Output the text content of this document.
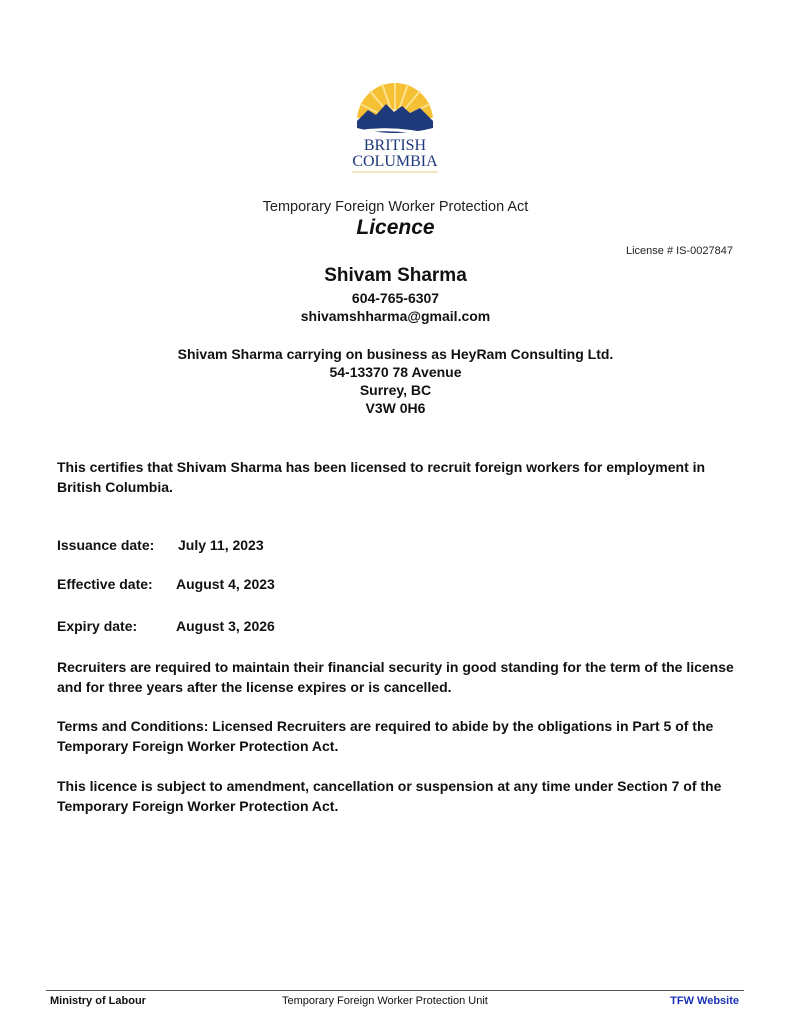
BRITISH
COLUMBIA
Temporary Foreign Worker Protection Act
Licence
License # IS-0027847
Shivam Sharma
604-765-6307
shivamshharma@gmail.com
Shivam Sharma carrying on business as HeyRam Consulting Ltd.
54-13370 78 Avenue
Surrey, BC
V3W 0H6
This certifies that Shivam Sharma has been licensed to recruit foreign workers for employment in British Columbia.
Issuance date: July 11, 2023
Effective date: August 4, 2023
Expiry date:	August 3, 2026
Recruiters are required to maintain their financial security in good standing for the term of the license and for three years after the license expires or is cancelled.
Terms and Conditions: Licensed Recruiters are required to abide by the obligations in Part 5 of the Temporary Foreign Worker Protection Act.
This licence is subject to amendment, cancellation or suspension at any time under Section 7 of the Temporary Foreign Worker Protection Act.
Ministry of Labour	Temporary Foreign Worker Protection Unit	TFW Website
